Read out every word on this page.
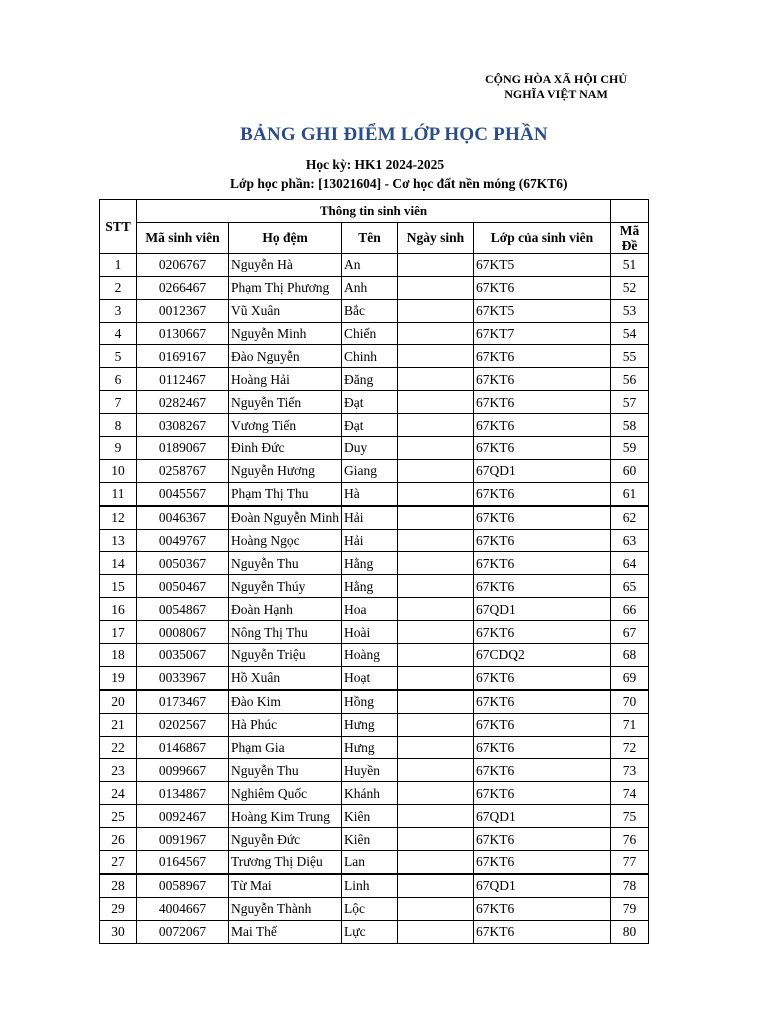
CỘNG HÒA XÃ HỘI CHỦ
NGHĨA VIỆT NAM
BẢNG GHI ĐIỂM LỚP HỌC PHẦN
Học kỳ: HK1 2024-2025
Lớp học phần: [13021604] - Cơ học đất nền móng (67KT6)
STT	Thông tin sinh viên					
	Mã sinh viên	Họ đệm	Tên	Ngày sinh	Lớp của sinh viên	Mã
Đề

1	0206767	Nguyễn Hà	An		67KT5	51
2	0266467	Phạm Thị Phương	Anh		67KT6	52
3	0012367	Vũ Xuân	Bắc		67KT5	53
4	0130667	Nguyễn Minh	Chiến		67KT7	54
5	0169167	Đào Nguyễn	Chinh		67KT6	55
6	0112467	Hoàng Hải	Đăng		67KT6	56
7	0282467	Nguyễn Tiến	Đạt		67KT6	57
8	0308267	Vương Tiến	Đạt		67KT6	58
9	0189067	Đinh Đức	Duy		67KT6	59
10	0258767	Nguyễn Hương	Giang		67QD1	60
11	0045567	Phạm Thị Thu	Hà		67KT6	61
12	0046367	Đoàn Nguyễn Minh	Hải		67KT6	62
13	0049767	Hoàng Ngọc	Hải		67KT6	63
14	0050367	Nguyễn Thu	Hằng		67KT6	64
15	0050467	Nguyễn Thúy	Hằng		67KT6	65
16	0054867	Đoàn Hạnh	Hoa		67QD1	66
17	0008067	Nông Thị Thu	Hoài		67KT6	67
18	0035067	Nguyễn Triệu	Hoàng		67CDQ2	68
19	0033967	Hồ Xuân	Hoạt		67KT6	69
20	0173467	Đào Kim	Hồng		67KT6	70
21	0202567	Hà Phúc	Hưng		67KT6	71
22	0146867	Phạm Gia	Hưng		67KT6	72
23	0099667	Nguyễn Thu	Huyền		67KT6	73
24	0134867	Nghiêm Quốc	Khánh		67KT6	74
25	0092467	Hoàng Kim Trung	Kiên		67QD1	75
26	0091967	Nguyễn Đức	Kiên		67KT6	76
27	0164567	Trương Thị Diệu	Lan		67KT6	77
28	0058967	Từ Mai	Linh		67QD1	78
29	4004667	Nguyễn Thành	Lộc		67KT6	79
30	0072067	Mai Thế	Lực		67KT6	80
